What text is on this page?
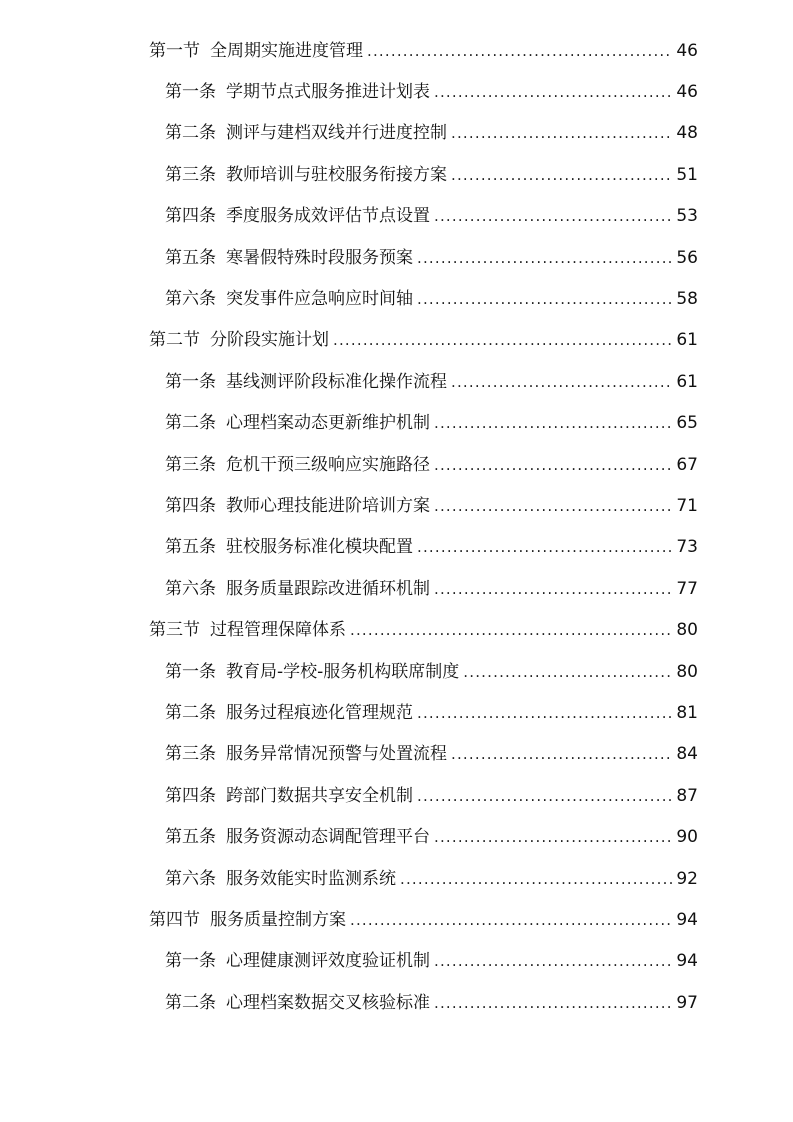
第一节 全周期实施进度管理 .....	46
第一条 学期节点式服务推进计划表 .....	46
第二条 测评与建档双线并行进度控制 .....	48
第三条 教师培训与驻校服务衔接方案 .....	51
第四条 季度服务成效评估节点设置 .....	53
第五条 寒暑假特殊时段服务预案 .....	56
第六条 突发事件应急响应时间轴 .....	58
第二节 分阶段实施计划 .....	61
第一条 基线测评阶段标准化操作流程 .....	61
第二条 心理档案动态更新维护机制 .....	65
第三条 危机干预三级响应实施路径 .....	67
第四条 教师心理技能进阶培训方案 .....	71
第五条 驻校服务标准化模块配置 .....	73
第六条 服务质量跟踪改进循环机制 .....	77
第三节 过程管理保障体系 .....	80
第一条 教育局-学校-服务机构联席制度 .....	80
第二条 服务过程痕迹化管理规范 .....	81
第三条 服务异常情况预警与处置流程 .....	84
第四条 跨部门数据共享安全机制 .....	87
第五条 服务资源动态调配管理平台 .....	90
第六条 服务效能实时监测系统 .....	92
第四节 服务质量控制方案 .....	94
第一条 心理健康测评效度验证机制 .....	94
第二条 心理档案数据交叉核验标准 .....	97
